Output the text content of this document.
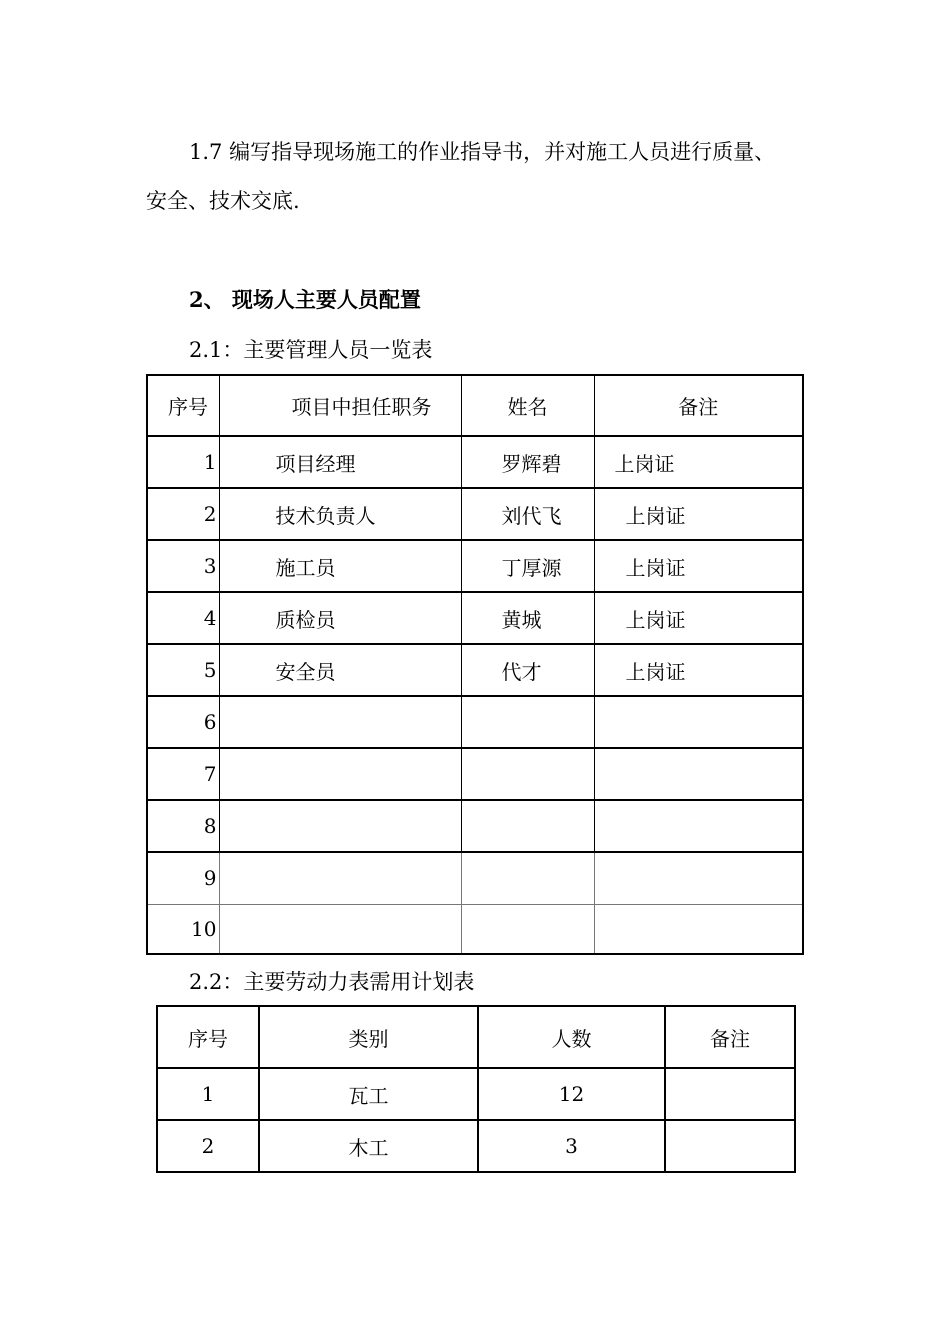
1.7 编写指导现场施工的作业指导书，并对施工人员进行质量、
安全、技术交底.
2、 现场人主要人员配置
2.1：主要管理人员一览表
序号	项目中担任职务	姓名	备注
1	项目经理	罗辉碧	上岗证
2	技术负责人	刘代飞	上岗证
3	施工员	丁厚源	上岗证
4	质检员	黄城	上岗证
5	安全员	代才	上岗证
6			
7			
8			
9			
10			
2.2：主要劳动力表需用计划表
序号	类别	人数	备注
1	瓦工	12	
2	木工	3	
